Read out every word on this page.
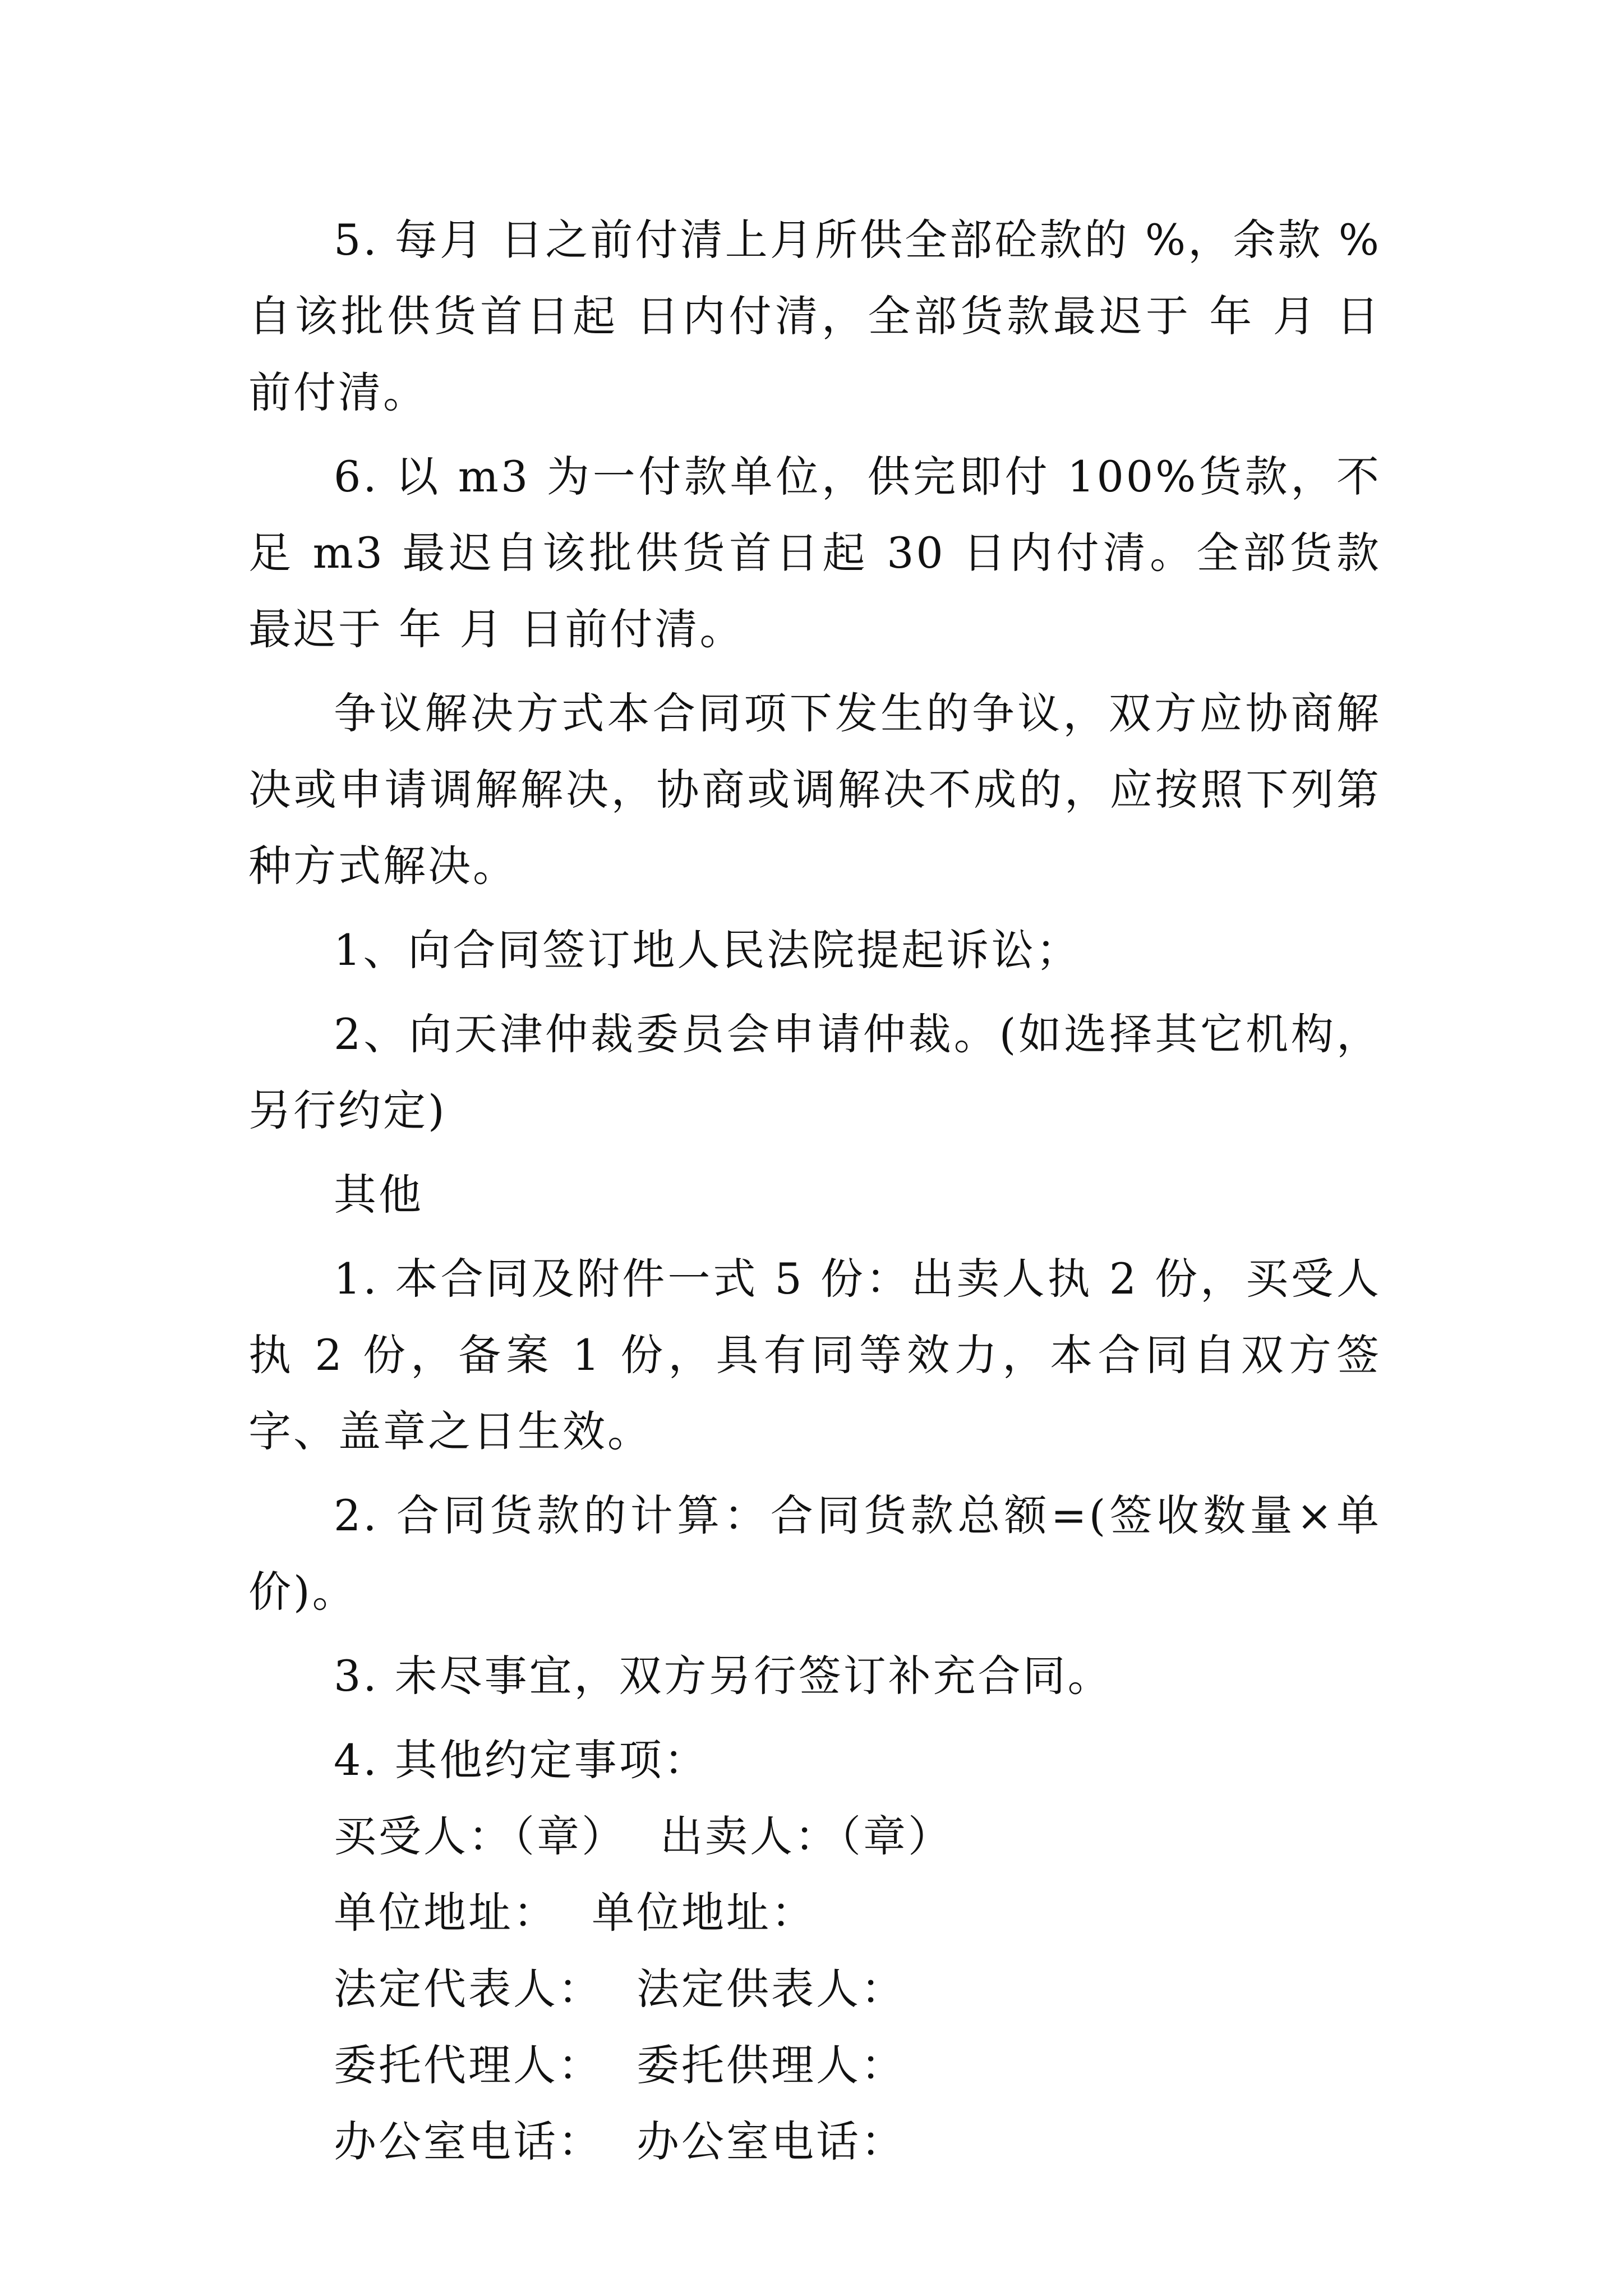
5. 每月 日之前付清上月所供全部砼款的 %，余款 %自该批供货首日起 日内付清，全部货款最迟于 年 月 日前付清。

6. 以 m3 为一付款单位，供完即付 100%货款，不足 m3 最迟自该批供货首日起 30 日内付清。全部货款最迟于 年 月 日前付清。

争议解决方式本合同项下发生的争议，双方应协商解决或申请调解解决，协商或调解决不成的，应按照下列第 种方式解决。

1、向合同签订地人民法院提起诉讼；

2、向天津仲裁委员会申请仲裁。(如选择其它机构，另行约定)

其他

1. 本合同及附件一式 5 份：出卖人执 2 份，买受人执 2 份，备案 1 份，具有同等效力，本合同自双方签字、盖章之日生效。

2. 合同货款的计算：合同货款总额=(签收数量×单价)。

3. 未尽事宜，双方另行签订补充合同。

4. 其他约定事项：

买受人：（章） 出卖人：（章）

单位地址： 单位地址：

法定代表人： 法定供表人：

委托代理人： 委托供理人：

办公室电话： 办公室电话：
